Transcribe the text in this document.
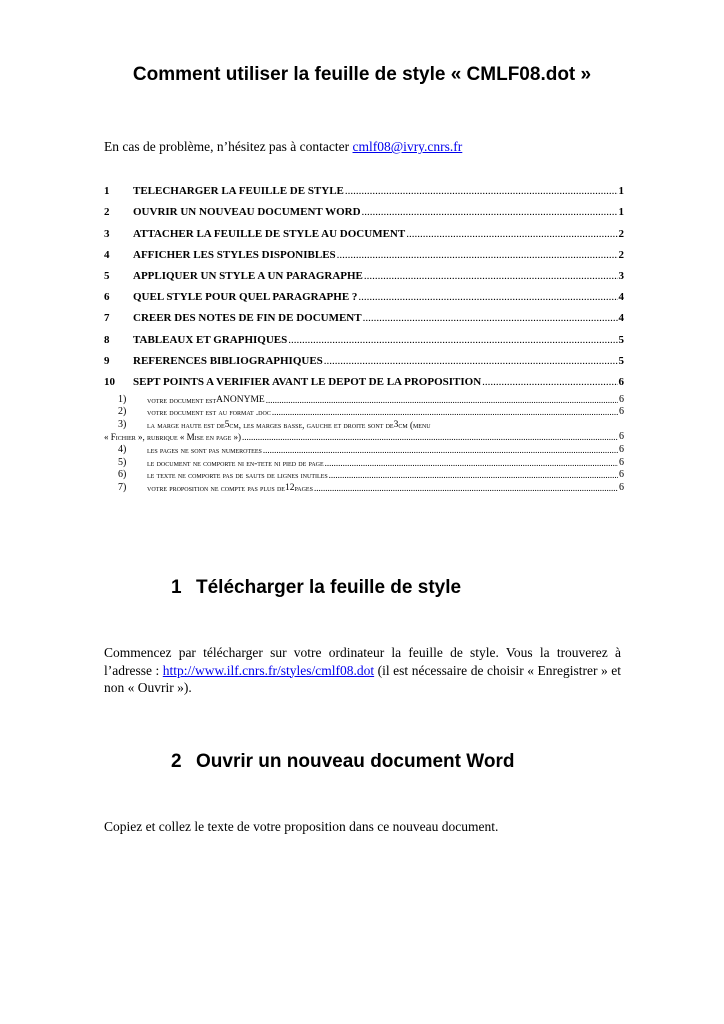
Comment utiliser la feuille de style « CMLF08.dot »
En cas de problème, n’hésitez pas à contacter cmlf08@ivry.cnrs.fr
1	TELECHARGER LA FEUILLE DE STYLE .....	1
2	OUVRIR UN NOUVEAU DOCUMENT WORD .....	1
3	ATTACHER LA FEUILLE DE STYLE AU DOCUMENT .....	2
4	AFFICHER LES STYLES DISPONIBLES .....	2
5	APPLIQUER UN STYLE A UN PARAGRAPHE .....	3
6	QUEL STYLE POUR QUEL PARAGRAPHE ? .....	4
7	CREER DES NOTES DE FIN DE DOCUMENT .....	4
8	TABLEAUX ET GRAPHIQUES .....	5
9	REFERENCES BIBLIOGRAPHIQUES .....	5
10	SEPT POINTS A VERIFIER AVANT LE DEPOT DE LA PROPOSITION .....	6
1)	votre document est ANONYME .....	6
2)	votre document est au format .doc .....	6
3)	la marge haute est de 5 cm, les marges basse, gauche et droite sont de 3 cm (menu
« Fichier », rubrique « Mise en page ») .....	6
4)	les pages ne sont pas numerotees .....	6
5)	le document ne comporte ni en-tete ni pied de page .....	6
6)	le texte ne comporte pas de sauts de lignes inutiles .....	6
7)	votre proposition ne compte pas plus de 12 pages .....	6
1 Télécharger la feuille de style
Commencez par télécharger sur votre ordinateur la feuille de style. Vous la trouverez à l’adresse : http://www.ilf.cnrs.fr/styles/cmlf08.dot (il est nécessaire de choisir « Enregistrer » et non « Ouvrir »).
2 Ouvrir un nouveau document Word
Copiez et collez le texte de votre proposition dans ce nouveau document.
